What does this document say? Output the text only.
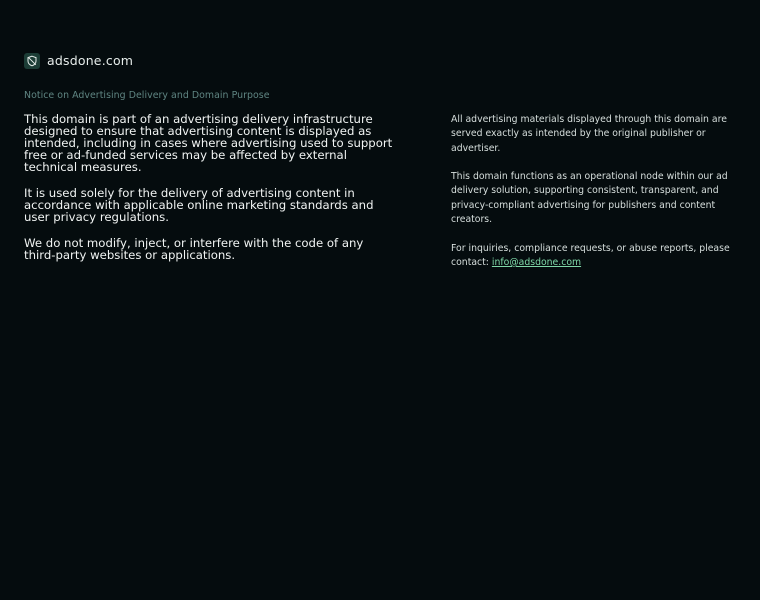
adsdone.com
Notice on Advertising Delivery and Domain Purpose

This domain is part of an advertising delivery infrastructure designed to ensure that advertising content is displayed as intended, including in cases where advertising used to support free or ad-funded services may be affected by external technical measures.

It is used solely for the delivery of advertising content in accordance with applicable online marketing standards and user privacy regulations.

We do not modify, inject, or interfere with the code of any third-party websites or applications.

All advertising materials displayed through this domain are served exactly as intended by the original publisher or advertiser.

This domain functions as an operational node within our ad delivery solution, supporting consistent, transparent, and privacy-compliant advertising for publishers and content creators.

For inquiries, compliance requests, or abuse reports, please contact: info@adsdone.com
